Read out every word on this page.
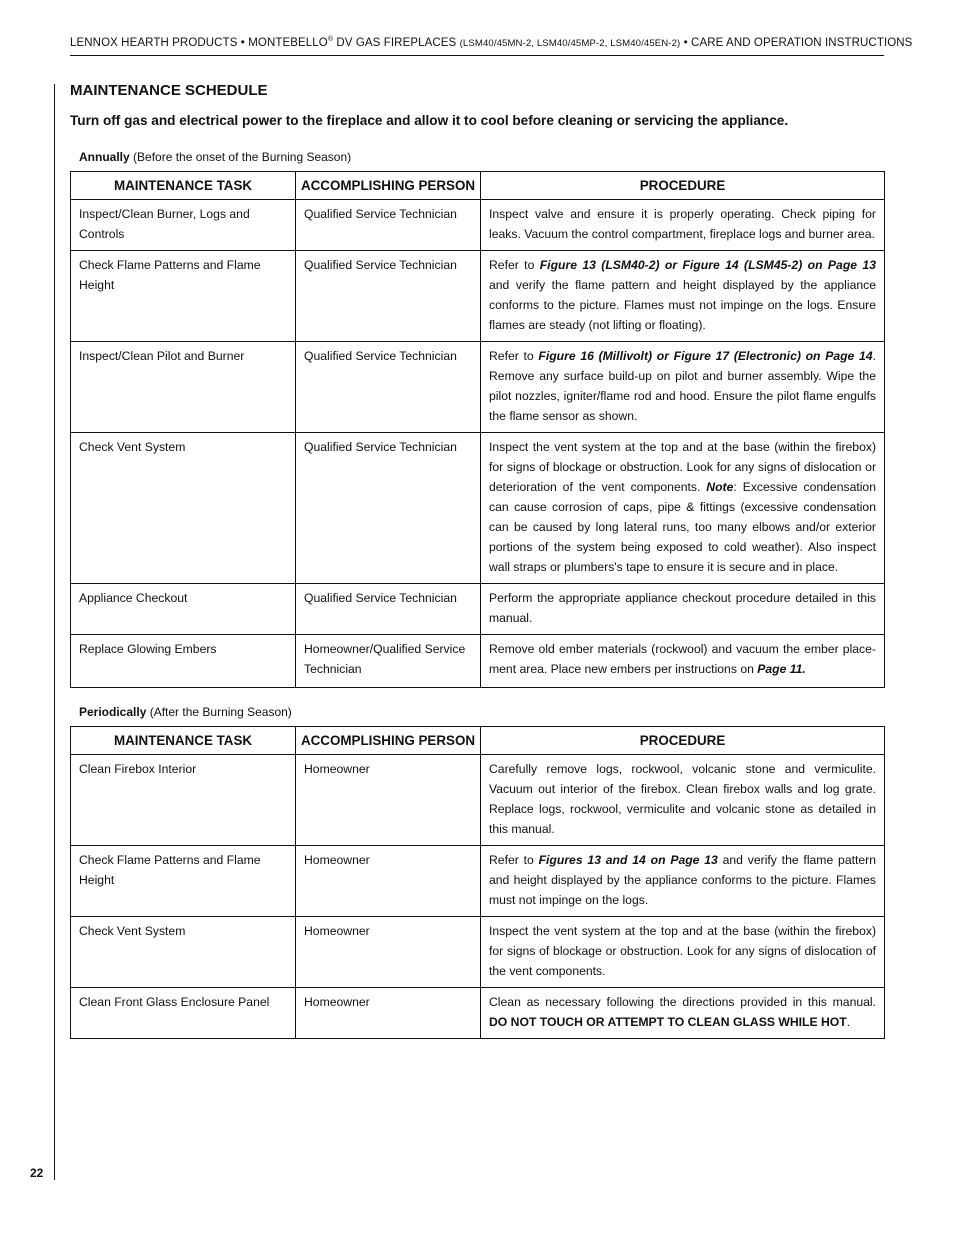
LENNOX HEARTH PRODUCTS • MONTEBELLO® DV GAS FIREPLACES (LSM40/45MN-2, LSM40/45MP-2, LSM40/45EN-2) • CARE AND OPERATION INSTRUCTIONS
MAINTENANCE SCHEDULE
Turn off gas and electrical power to the fireplace and allow it to cool before cleaning or servicing the appliance.
Annually (Before the onset of the Burning Season)
MAINTENANCE TASK	ACCOMPLISHING PERSON	PROCEDURE
Inspect/Clean Burner, Logs and Controls	Qualified Service Technician	Inspect valve and ensure it is properly operating. Check piping for leaks. Vacuum the control compartment, fireplace logs and burner area.
Check Flame Patterns and Flame Height	Qualified Service Technician	Refer to Figure 13 (LSM40-2) or Figure 14 (LSM45-2) on Page 13 and verify the flame pattern and height displayed by the appliance conforms to the picture. Flames must not impinge on the logs. Ensure flames are steady (not lifting or floating).
Inspect/Clean Pilot and Burner	Qualified Service Technician	Refer to Figure 16 (Millivolt) or Figure 17 (Electronic) on Page 14. Remove any surface build-up on pilot and burner assembly. Wipe the pilot nozzles, igniter/flame rod and hood. Ensure the pilot flame engulfs the flame sensor as shown.
Check Vent System	Qualified Service Technician	Inspect the vent system at the top and at the base (within the firebox) for signs of blockage or obstruction. Look for any signs of dislocation or deterioration of the vent components. Note: Excessive condensation can cause corrosion of caps, pipe & fittings (excessive condensation can be caused by long lateral runs, too many elbows and/or exterior portions of the system being exposed to cold weather). Also inspect wall straps or plumbers's tape to ensure it is secure and in place.
Appliance Checkout	Qualified Service Technician	Perform the appropriate appliance checkout procedure detailed in this manual.
Replace Glowing Embers	Homeowner/Qualified Service Technician	Remove old ember materials (rockwool) and vacuum the ember place-ment area. Place new embers per instructions on Page 11.
Periodically (After the Burning Season)
MAINTENANCE TASK	ACCOMPLISHING PERSON	PROCEDURE
Clean Firebox Interior	Homeowner	Carefully remove logs, rockwool, volcanic stone and vermiculite. Vacuum out interior of the firebox. Clean firebox walls and log grate. Replace logs, rockwool, vermiculite and volcanic stone as detailed in this manual.
Check Flame Patterns and Flame Height	Homeowner	Refer to Figures 13 and 14 on Page 13 and verify the flame pattern and height displayed by the appliance conforms to the picture. Flames must not impinge on the logs.
Check Vent System	Homeowner	Inspect the vent system at the top and at the base (within the firebox) for signs of blockage or obstruction. Look for any signs of dislocation of the vent components.
Clean Front Glass Enclosure Panel	Homeowner	Clean as necessary following the directions provided in this manual. DO NOT TOUCH OR ATTEMPT TO CLEAN GLASS WHILE HOT.
22
